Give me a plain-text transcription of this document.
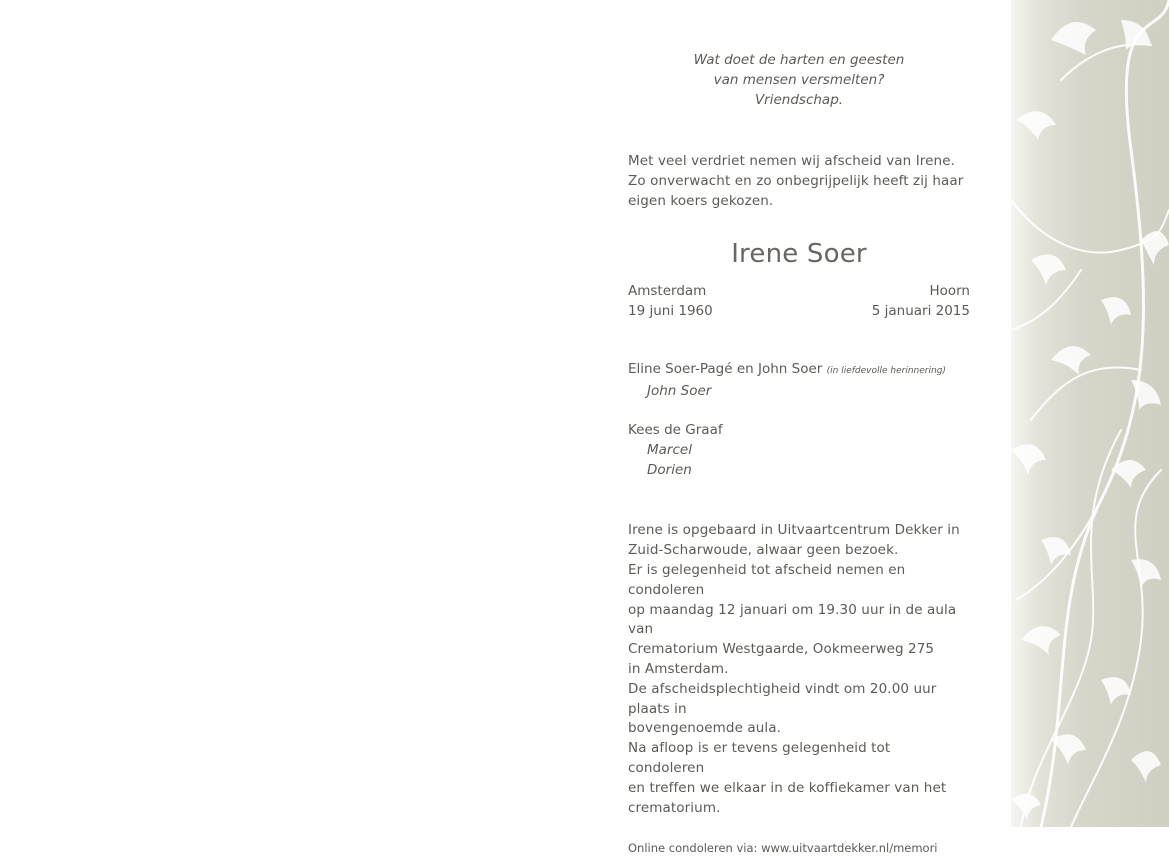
Wat doet de harten en geesten
van mensen versmelten?
Vriendschap.
Met veel verdriet nemen wij afscheid van Irene.
Zo onverwacht en zo onbegrijpelijk heeft zij haar
eigen koers gekozen.
Irene Soer
Amsterdam
19 juni 1960
Hoorn
5 januari 2015
Eline Soer-Pagé en John Soer (in liefdevolle herinnering)
John Soer
Kees de Graaf
Marcel
Dorien
Irene is opgebaard in Uitvaartcentrum Dekker in
Zuid-Scharwoude, alwaar geen bezoek.
Er is gelegenheid tot afscheid nemen en condoleren
op maandag 12 januari om 19.30 uur in de aula van
Crematorium Westgaarde, Ookmeerweg 275
in Amsterdam.
De afscheidsplechtigheid vindt om 20.00 uur plaats in
bovengenoemde aula.
Na afloop is er tevens gelegenheid tot condoleren
en treffen we elkaar in de koffiekamer van het
crematorium.
Online condoleren via: www.uitvaartdekker.nl/memori
